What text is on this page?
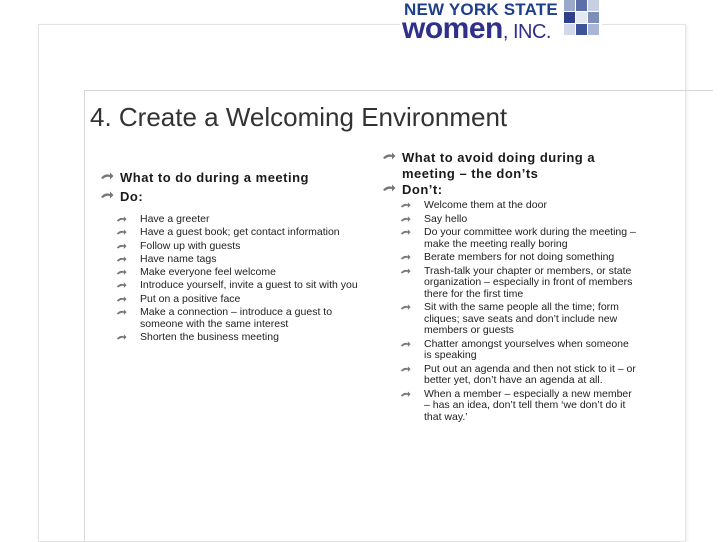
NEW YORK STATE
women, INC.
4. Create a Welcoming Environment
What to do during a meeting
Do:
Have a greeter
Have a guest book; get contact information
Follow up with guests
Have name tags
Make everyone feel welcome
Introduce yourself, invite a guest to sit with you
Put on a positive face
Make a connection – introduce a guest to someone with the same interest
Shorten the business meeting
What to avoid doing during a meeting – the don’ts
Don’t:
Welcome them at the door
Say hello
Do your committee work during the meeting – make the meeting really boring
Berate members for not doing something
Trash-talk your chapter or members, or state organization – especially in front of members there for the first time
Sit with the same people all the time; form cliques; save seats and don’t include new members or guests
Chatter amongst yourselves when someone is speaking
Put out an agenda and then not stick to it – or better yet, don’t have an agenda at all.
When a member – especially a new member – has an idea, don’t tell them ‘we don’t do it that way.’
